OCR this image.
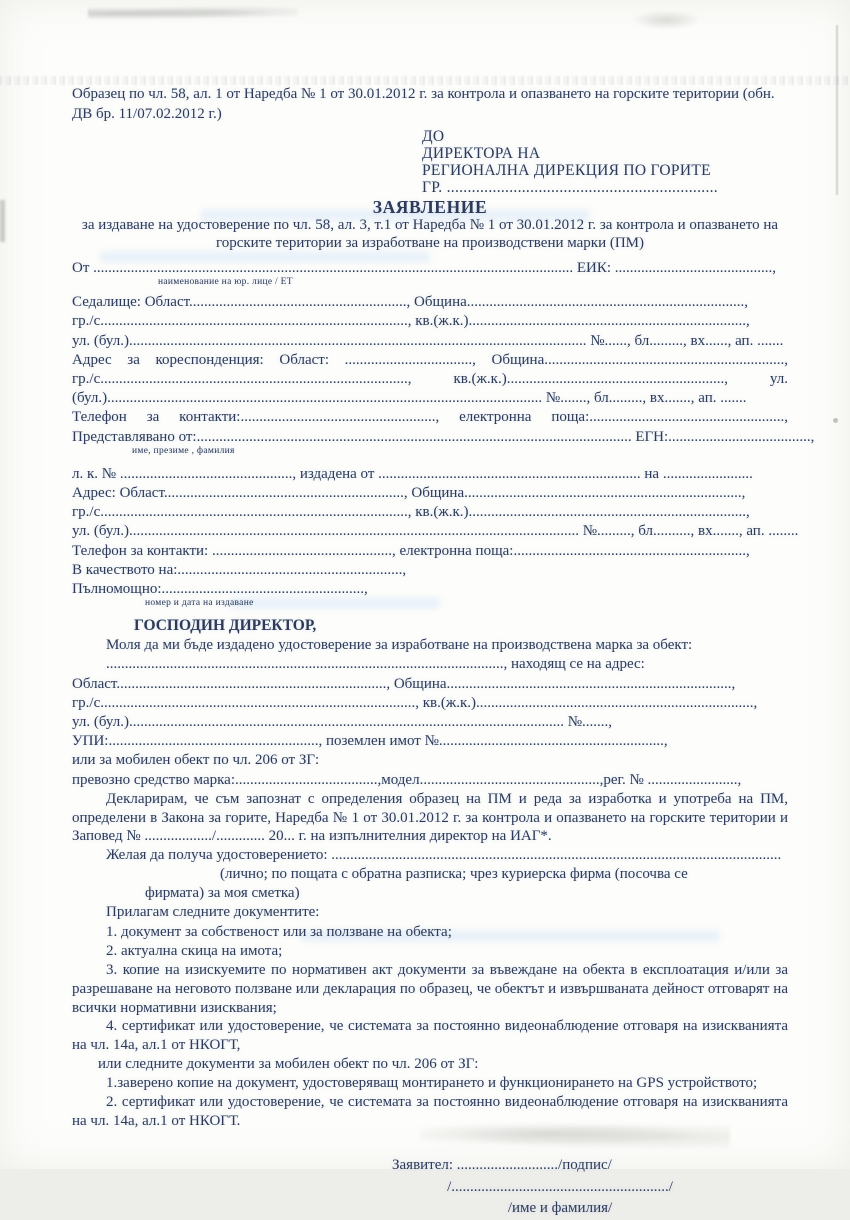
Образец по чл. 58, ал. 1 от Наредба № 1 от 30.01.2012 г. за контрола и опазването на горските територии (обн.

ДВ бр. 11/07.02.2012 г.)

ДО

ДИРЕКТОРА НА

РЕГИОНАЛНА ДИРЕКЦИЯ ПО ГОРИТЕ

ГР. .................................................................

ЗАЯВЛЕНИЕ

за издаване на удостоверение по чл. 58, ал. 3, т.1 от Наредба № 1 от 30.01.2012 г. за контрола и опазването на

горските територии за изработване на производствени марки (ПМ)

От ................................................................................................................................ ЕИК: ..........................................,

наименование на юр. лице / ЕТ

Седалище: Област.........................................................., Община..........................................................................,

гр./с.................................................................................., кв.(ж.к.)..........................................................................,

ул. (бул.).......................................................................................................................... №......, бл........., вх......, ап. .......

Адрес за кореспонденция: Област: .................................., ​Община................................................................,

гр./с.................................................................................., кв.(ж.к.).........................................................., ул.

(бул.).................................................................................................................... №......., бл........., вх......., ап. .......

Телефон за контакти:...................................................., електронна поща:....................................................,

Представлявано от:.................................................................................................................... ЕГН:......................................,

име, презиме , фамилия

л. к. № .............................................., издадена от ...................................................................... на ........................

Адрес: Област................................................................, Община..........................................................................,

гр./с.................................................................................., кв.(ж.к.)..........................................................................,

ул. (бул.)........................................................................................................................ №........., бл.........., вх......., ап. ........

Телефон за контакти: ................................................, електронна поща:..............................................................,

В качеството на:............................................................,

Пълномощно:......................................................,

номер и дата на издаване

ГОСПОДИН ДИРЕКТОР,

Моля да ми бъде издадено удостоверение за изработване на производствена марка за обект:

.........................................................................................................., находящ се на адрес:

Област........................................................................, Община............................................................................,

гр./с...................................................................................., кв.(ж.к.)..........................................................................,

ул. (бул.).................................................................................................................... №.......,

УПИ:........................................................, поземлен имот №............................................................,

или за мобилен обект по чл. 206 от ЗГ:

превозно средство марка:......................................,модел................................................,рег. № ........................,

Декларирам, че съм запознат с определения образец на ПМ и реда за изработка и употреба на ПМ, определени в Закона за горите, Наредба № 1 от 30.01.2012 г. за контрола и опазването на горските територии и Заповед № ................../............. 20... г. на изпълнителния директор на ИАГ*.

Желая да получа удостоверението: ........................................................................................................................

(лично; по пощата с обратна разписка; чрез куриерска фирма (посочва се

фирмата) за моя сметка)

Прилагам следните документите:

1. документ за собственост или за ползване на обекта;

2. актуална скица на имота;

3. копие на изискуемите по нормативен акт документи за въвеждане на обекта в експлоатация и/или за разрешаване на неговото ползване или декларация по образец, че обектът и извършваната дейност отговарят на всички нормативни изисквания;

4. сертификат или удостоверение, че системата за постоянно видеонаблюдение отговаря на изискванията на чл. 14а, ал.1 от НКОГТ,

или следните документи за мобилен обект по чл. 206 от ЗГ:

1.заверено копие на документ, удостоверяващ монтирането и функционирането на GPS устройството;

2. сертификат или удостоверение, че системата за постоянно видеонаблюдение отговаря на изискванията на чл. 14а, ал.1 от НКОГТ.

Заявител: .........................../подпис/

/........................................................../

/име и фамилия/
